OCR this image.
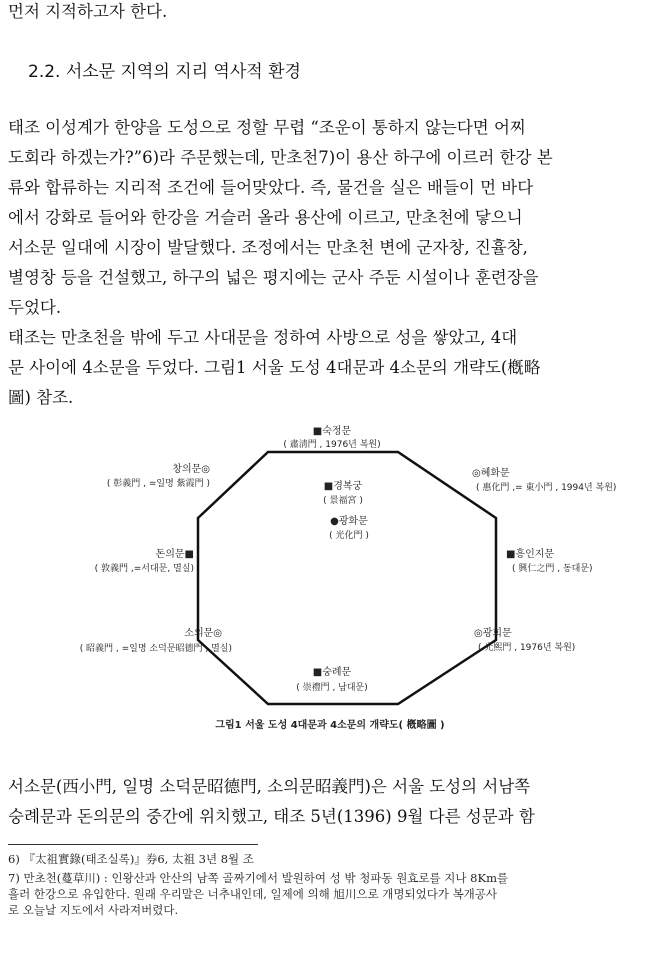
먼저 지적하고자 한다.
2.2. 서소문 지역의 지리 역사적 환경
태조 이성계가 한양을 도성으로 정할 무렵 “조운이 통하지 않는다면 어찌
도회라 하겠는가?”6)라 주문했는데, 만초천7)이 용산 하구에 이르러 한강 본
류와 합류하는 지리적 조건에 들어맞았다. 즉, 물건을 실은 배들이 먼 바다
에서 강화로 들어와 한강을 거슬러 올라 용산에 이르고, 만초천에 닿으니
서소문 일대에 시장이 발달했다. 조정에서는 만초천 변에 군자창, 진휼창,
별영창 등을 건설했고, 하구의 넓은 평지에는 군사 주둔 시설이나 훈련장을
두었다.
태조는 만초천을 밖에 두고 사대문을 정하여 사방으로 성을 쌓았고, 4대
문 사이에 4소문을 두었다. 그림1 서울 도성 4대문과 4소문의 개략도(槪略
圖) 참조.
■숙정문
( 肅淸門 , 1976년 복원)
창의문◎
( 彰義門 , =일명 紫霞門 )
◎혜화문
( 惠化門 ,= 東小門 , 1994년 복원)
돈의문■
( 敦義門 ,=서대문, 멸실)
■흥인지문
( 興仁之門 , 동대문)
소의문◎
( 昭義門 , =일명 소덕문昭德門 , 멸실)
◎광희문
( 光熙門 , 1976년 복원)
■숭례문
( 崇禮門 , 남대문)
■경복궁
( 景福宮 )
●광화문
( 光化門 )
그림1 서울 도성 4대문과 4소문의 개략도( 槪略圖 )
서소문(西小門, 일명 소덕문昭德門, 소의문昭義門)은 서울 도성의 서남쪽
숭례문과 돈의문의 중간에 위치했고, 태조 5년(1396) 9월 다른 성문과 함
6) 『太祖實錄(태조실록)』券6, 太祖 3년 8월 조
7) 만초천(蔓草川) : 인왕산과 안산의 남쪽 골짜기에서 발원하여 성 밖 청파동 원효로를 지나 8Km를
흘러 한강으로 유입한다. 원래 우리말은 너추내인데, 일제에 의해 旭川으로 개명되었다가 복개공사
로 오늘날 지도에서 사라져버렸다.
